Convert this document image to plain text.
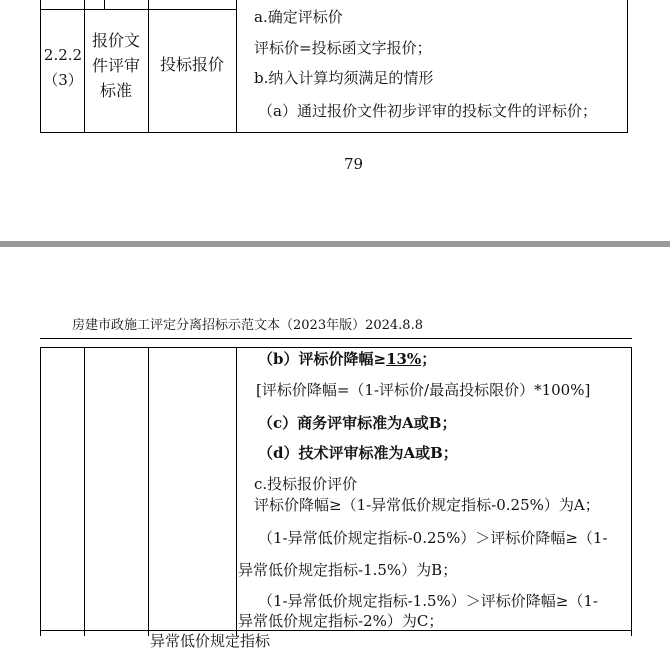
2.2.2
（3）
报价文
件评审
标准
投标报价
a.确定评标价
评标价=投标函文字报价；
b.纳入计算均须满足的情形
（a）通过报价文件初步评审的投标文件的评标价；
79
房建市政施工评定分离招标示范文本（2023年版）2024.8.8
（b）评标价降幅≥13%；
[评标价降幅=（1-评标价/最高投标限价）*100%]
（c）商务评审标准为A或B；
（d）技术评审标准为A或B；
c.投标报价评价
评标价降幅≥（1-异常低价规定指标-0.25%）为A；
（1-异常低价规定指标-0.25%）＞评标价降幅≥（1-
异常低价规定指标-1.5%）为B；
（1-异常低价规定指标-1.5%）＞评标价降幅≥（1-
异常低价规定指标-2%）为C；
异常低价规定指标
